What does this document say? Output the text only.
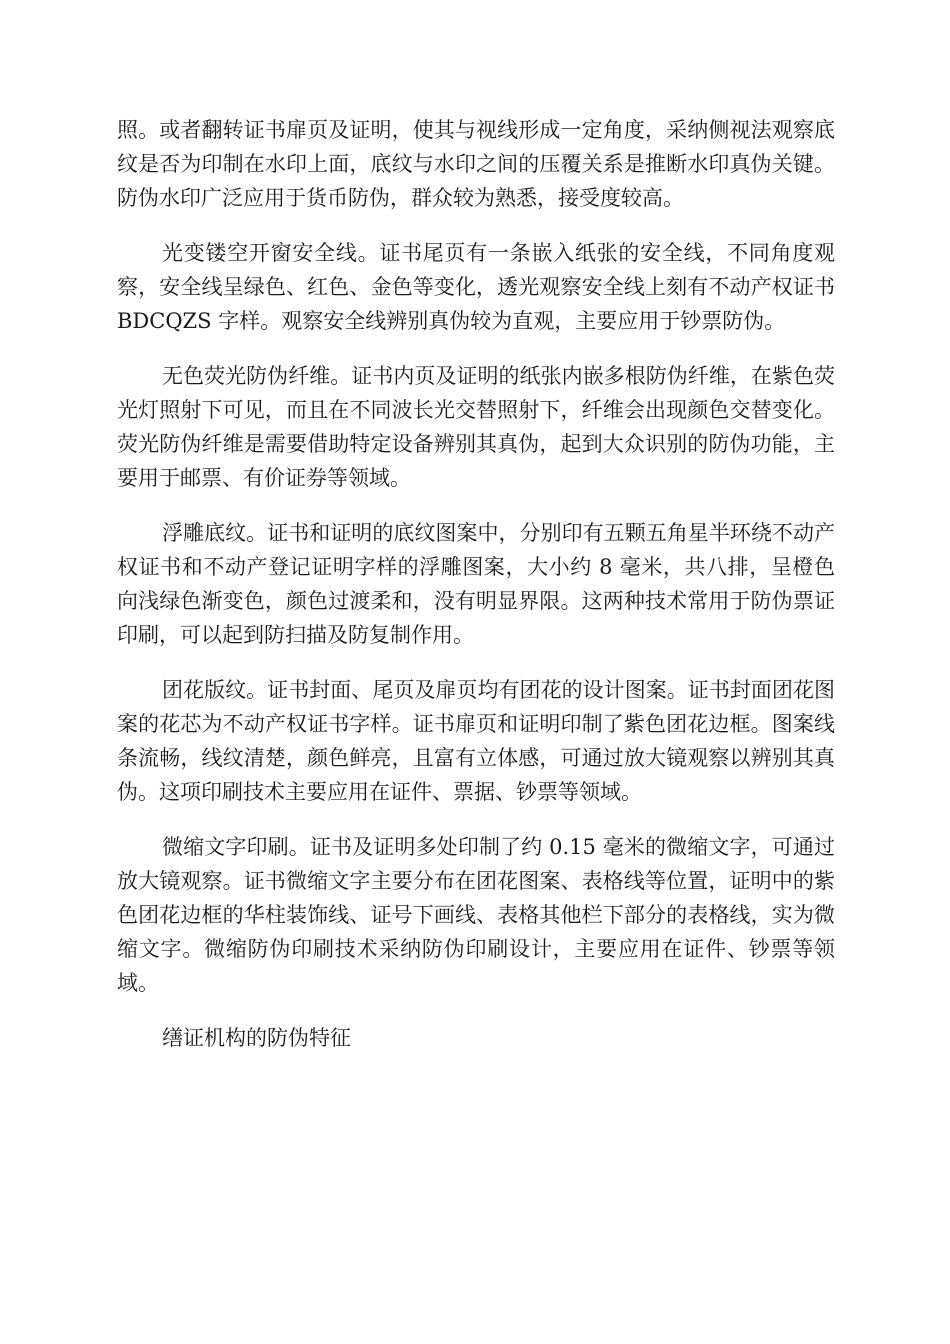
照。或者翻转证书扉页及证明，使其与视线形成一定角度，采纳侧视法观察底纹是否为印制在水印上面，底纹与水印之间的压覆关系是推断水印真伪关键。防伪水印广泛应用于货币防伪，群众较为熟悉，接受度较高。

光变镂空开窗安全线。证书尾页有一条嵌入纸张的安全线，不同角度观察，安全线呈绿色、红色、金色等变化，透光观察安全线上刻有不动产权证书 BDCQZS 字样。观察安全线辨别真伪较为直观，主要应用于钞票防伪。

无色荧光防伪纤维。证书内页及证明的纸张内嵌多根防伪纤维，在紫色荧光灯照射下可见，而且在不同波长光交替照射下，纤维会出现颜色交替变化。荧光防伪纤维是需要借助特定设备辨别其真伪，起到大众识别的防伪功能，主要用于邮票、有价证券等领域。

浮雕底纹。证书和证明的底纹图案中，分别印有五颗五角星半环绕不动产权证书和不动产登记证明字样的浮雕图案，大小约 8 毫米，共八排，呈橙色向浅绿色渐变色，颜色过渡柔和，没有明显界限。这两种技术常用于防伪票证印刷，可以起到防扫描及防复制作用。

团花版纹。证书封面、尾页及扉页均有团花的设计图案。证书封面团花图案的花芯为不动产权证书字样。证书扉页和证明印制了紫色团花边框。图案线条流畅，线纹清楚，颜色鲜亮，且富有立体感，可通过放大镜观察以辨别其真伪。这项印刷技术主要应用在证件、票据、钞票等领域。

微缩文字印刷。证书及证明多处印制了约 0.15 毫米的微缩文字，可通过放大镜观察。证书微缩文字主要分布在团花图案、表格线等位置，证明中的紫色团花边框的华柱装饰线、证号下画线、表格其他栏下部分的表格线，实为微缩文字。微缩防伪印刷技术采纳防伪印刷设计，主要应用在证件、钞票等领域。

缮证机构的防伪特征
